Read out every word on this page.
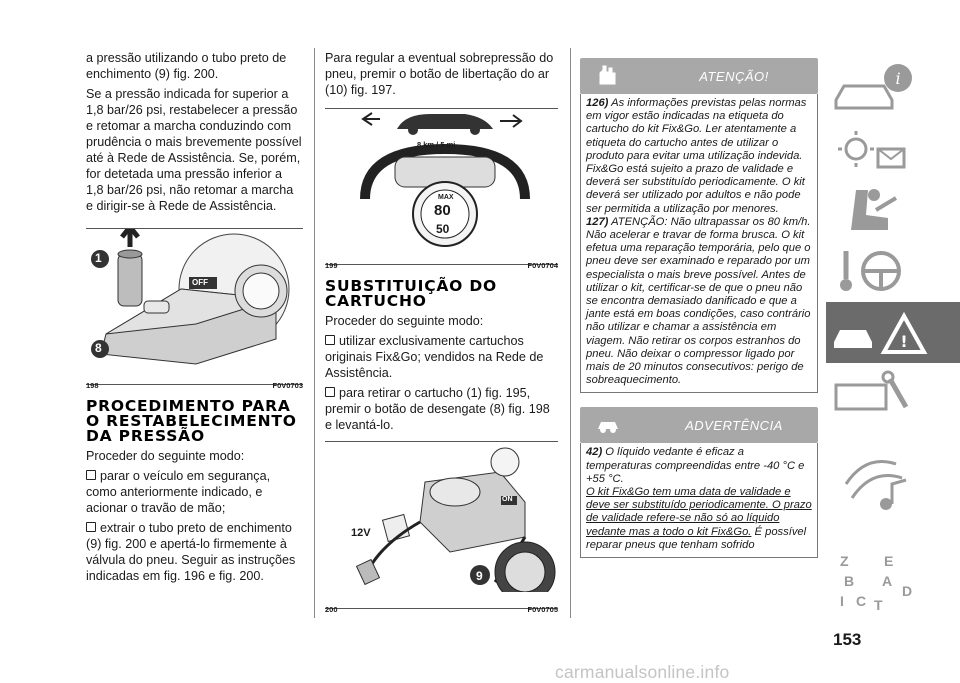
a pressão utilizando o tubo preto de enchimento (9) fig. 200.

Se a pressão indicada for superior a 1,8 bar/26 psi, restabelecer a pressão e retomar a marcha conduzindo com prudência o mais brevemente possível até à Rede de Assistência. Se, porém, for detetada uma pressão inferior a 1,8 bar/26 psi, não retomar a marcha e dirigir-se à Rede de Assistência.

1
8
OFF
198	F0V0703
PROCEDIMENTO PARA O RESTABELECIMENTO DA PRESSÃO

Proceder do seguinte modo:

parar o veículo em segurança, como anteriormente indicado, e acionar o travão de mão;

extrair o tubo preto de enchimento (9) fig. 200 e apertá-lo firmemente à válvula do pneu. Seguir as instruções indicadas em fig. 196 e fig. 200.

Para regular a eventual sobrepressão do pneu, premir o botão de libertação do ar (10) fig. 197.

8 km / 5 mi
MAX
80
50
199	F0V0704
SUBSTITUIÇÃO DO CARTUCHO

Proceder do seguinte modo:

utilizar exclusivamente cartuchos originais Fix&Go; vendidos na Rede de Assistência.

para retirar o cartucho (1) fig. 195, premir o botão de desengate (8) fig. 198 e levantá-lo.

12V
ON
9
200	F0V0705
ATENÇÃO!
126) As informações previstas pelas normas em vigor estão indicadas na etiqueta do cartucho do kit Fix&Go. Ler atentamente a etiqueta do cartucho antes de utilizar o produto para evitar uma utilização indevida. Fix&Go está sujeito a prazo de validade e deverá ser substituído periodicamente. O kit deverá ser utilizado por adultos e não pode ser permitida a utilização por menores.
127) ATENÇÃO: Não ultrapassar os 80 km/h. Não acelerar e travar de forma brusca. O kit efetua uma reparação temporária, pelo que o pneu deve ser examinado e reparado por um especialista o mais breve possível. Antes de utilizar o kit, certificar-se de que o pneu não se encontra demasiado danificado e que a jante está em boas condições, caso contrário não utilizar e chamar a assistência em viagem. Não retirar os corpos estranhos do pneu. Não deixar o compressor ligado por mais de 20 minutos consecutivos: perigo de sobreaquecimento.
ADVERTÊNCIA
42) O líquido vedante é eficaz a temperaturas compreendidas entre -40 °C e +55 °C.
O kit Fix&Go tem uma data de validade e deve ser substituído periodicamente. O prazo de validade refere-se não só ao líquido vedante mas a todo o kit Fix&Go. É possível reparar pneus que tenham sofrido
i
!
Z	E
A
B
D
I C T
153
carmanualsonline.info
